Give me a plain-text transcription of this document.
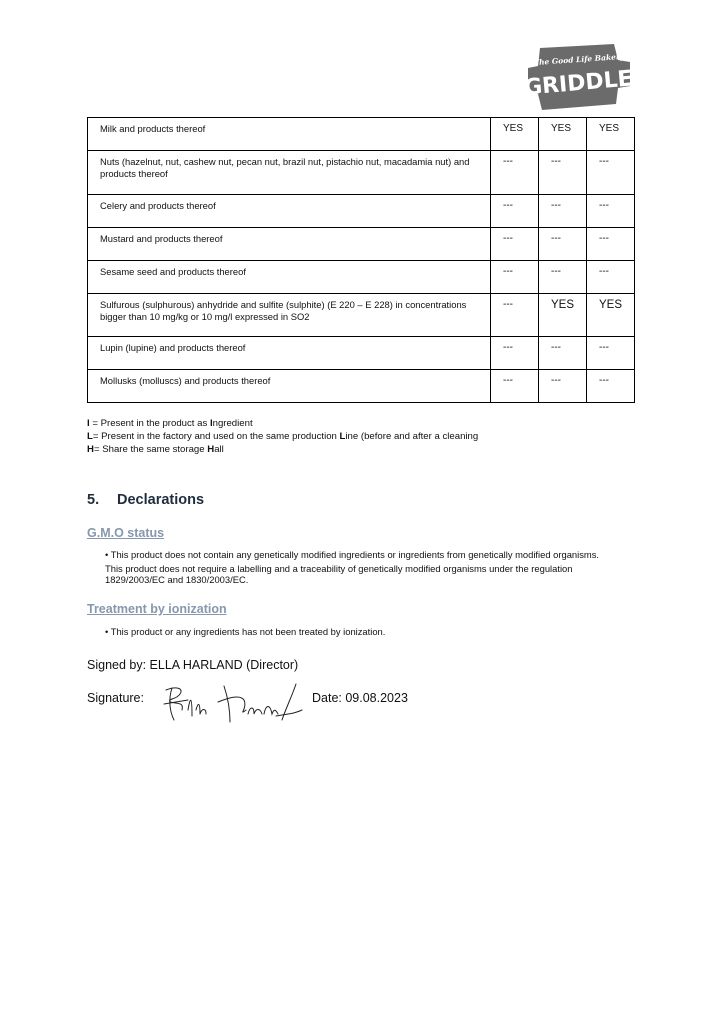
– The Good Life Bakery –
GRIDDLE
Milk and products thereof	YES	YES	YES
Nuts (hazelnut, nut, cashew nut, pecan nut, brazil nut, pistachio nut, macadamia nut) and products thereof	---	---	---
Celery and products thereof	---	---	---
Mustard and products thereof	---	---	---
Sesame seed and products thereof	---	---	---
Sulfurous (sulphurous) anhydride and sulfite (sulphite) (E 220 – E 228) in concentrations bigger than 10 mg/kg or 10 mg/l expressed in SO2	---	YES	YES
Lupin (lupine) and products thereof	---	---	---
Mollusks (molluscs) and products thereof	---	---	---
I = Present in the product as Ingredient
L= Present in the factory and used on the same production Line (before and after a cleaning
H= Share the same storage Hall
5. Declarations
G.M.O status
• This product does not contain any genetically modified ingredients or ingredients from genetically modified organisms.
This product does not require a labelling and a traceability of genetically modified organisms under the regulation 1829/2003/EC and 1830/2003/EC.
Treatment by ionization
• This product or any ingredients has not been treated by ionization.
Signed by: ELLA HARLAND (Director)
Signature:	Date: 09.08.2023
